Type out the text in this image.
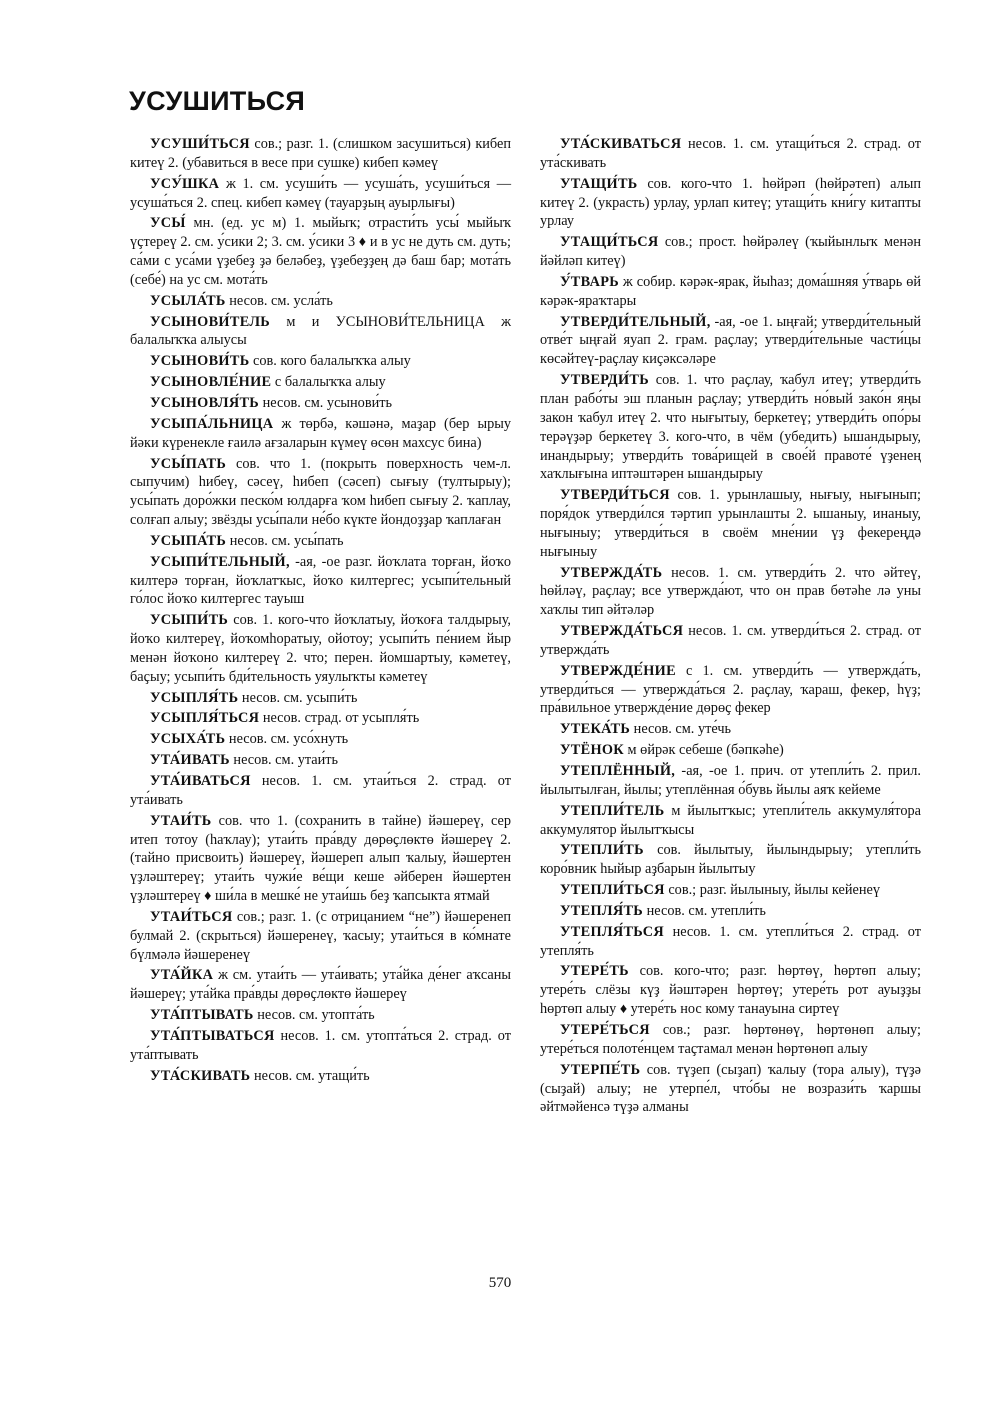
УСУШИТЬСЯ

УСУШИ́ТЬСЯ сов.; разг. 1. (слишком засушиться) кибеп китеү 2. (убавиться в весе при сушке) кибеп кәмеү

УСУ́ШКА ж 1. см. усуши́ть — усуша́ть, усуши́ться — усуша́ться 2. спец. кибеп кәмеү (тауарҙың ауырлығы)

УСЫ́ мн. (ед. ус м) 1. мыйыҡ; отрасти́ть усы́ мыйыҡ үҫтереү 2. см. у́сики 2; 3. см. у́сики 3 ♦ и в ус не дуть см. дуть; са́ми с уса́ми үҙебеҙ ҙә беләбеҙ, үҙебеҙҙең дә баш бар; мота́ть (себе́) на ус см. мота́ть

УСЫЛА́ТЬ несов. см. усла́ть

УСЫНОВИ́ТЕЛЬ м и УСЫНОВИ́ТЕЛЬНИЦА ж балалыҡҡа алыусы

УСЫНОВИ́ТЬ сов. кого балалыҡҡа алыу

УСЫНОВЛЕ́НИЕ с балалыҡҡа алыу

УСЫНОВЛЯ́ТЬ несов. см. усынови́ть

УСЫПА́ЛЬНИЦА ж төрбә, кәшәнә, маҙар (бер ырыу йәки күренекле ғаилә ағзаларын күмеү өсөн махсус бина)

УСЫ́ПАТЬ сов. что 1. (покрыть поверхность чем-л. сыпучим) һибеү, сәсеү, һибеп (сәсеп) сығыу (тултырыу); усы́пать доро́жки песко́м юлдарға ҡом һибеп сығыу 2. ҡаплау, солғап алыу; звёзды усы́пали не́бо күкте йондоҙҙар ҡаплаған

УСЫПА́ТЬ несов. см. усы́пать

УСЫПИ́ТЕЛЬНЫЙ, -ая, -ое разг. йоҡлата торған, йоҡо килтерә торған, йоҡлатҡыс, йоҡо килтергес; усыпи́тельный го́лос йоҡо килтергес тауыш

УСЫПИ́ТЬ сов. 1. кого-что йоҡлатыу, йоҡоға талдырыу, йоҡо килтереү, йоҡомһоратыу, ойотоу; усыпи́ть пе́нием йыр менән йоҡоно килтереү 2. что; перен. йомшартыу, кәметеү, баҫыу; усыпи́ть бди́тельность уяулыҡты кәметеү

УСЫПЛЯ́ТЬ несов. см. усыпи́ть

УСЫПЛЯ́ТЬСЯ несов. страд. от усыпля́ть

УСЫХА́ТЬ несов. см. усо́хнуть

УТА́ИВАТЬ несов. см. утаи́ть

УТА́ИВАТЬСЯ несов. 1. см. утаи́ться 2. страд. от ута́ивать

УТАИ́ТЬ сов. что 1. (сохранить в тайне) йәшереү, сер итеп тотоу (һаҡлау); утаи́ть пра́вду дөрөҫлөктө йәшереү 2. (тайно присвоить) йәшереү, йәшереп алып ҡалыу, йәшертен үҙләштереү; утаи́ть чужи́е ве́щи кеше әйберен йәшертен үҙләштереү ♦ ши́ла в мешке́ не утаи́шь беҙ ҡапсыкта ятмай

УТАИ́ТЬСЯ сов.; разг. 1. (с отрицанием “не”) йәшеренеп булмай 2. (скрыться) йәшеренеү, ҡасыу; утаи́ться в ко́мнате бүлмәлә йәшеренеү

УТА́ЙКА ж см. утаи́ть — ута́ивать; ута́йка де́нег аҡсаны йәшереү; ута́йка пра́вды дөрөҫлөктө йәшереү

УТА́ПТЫВАТЬ несов. см. утопта́ть

УТА́ПТЫВАТЬСЯ несов. 1. см. утопта́ться 2. страд. от ута́птывать

УТА́СКИВАТЬ несов. см. утащи́ть

УТА́СКИВАТЬСЯ несов. 1. см. утащи́ться 2. страд. от ута́скивать

УТАЩИ́ТЬ сов. кого-что 1. һөйрәп (һөйрәтеп) алып китеү 2. (украсть) урлау, урлап китеү; утащи́ть кни́гу китапты урлау

УТАЩИ́ТЬСЯ сов.; прост. һөйрәлеү (ҡыйынлыҡ менән йәйләп китеү)

У́ТВАРЬ ж собир. кәрәк-ярак, йыһаз; дома́шняя у́тварь өй кәрәк-яраҡтары

УТВЕРДИ́ТЕЛЬНЫЙ, -ая, -ое 1. ыңғай; утверди́тельный отве́т ыңғай яуап 2. грам. раҫлау; утверди́тельные части́цы көсәйтеү-раҫлау киҫәксәләре

УТВЕРДИ́ТЬ сов. 1. что раҫлау, ҡабул итеү; утверди́ть план рабо́ты эш планын раҫлау; утверди́ть но́вый зако́н яңы закон ҡабул итеү 2. что нығытыу, беркетеү; утверди́ть опо́ры терәүҙәр беркетеү 3. кого-что, в чём (убедить) ышандырыу, инандырыу; утверди́ть това́рищей в свое́й правоте́ үҙенең хаҡлығына иптәштәрен ышандырыу

УТВЕРДИ́ТЬСЯ сов. 1. урынлашыу, нығыу, нығынып; поря́док утверди́лся тәртип урынлашты 2. ышаныу, инаныу, нығыныу; утверди́ться в своём мне́нии үҙ фекереңдә нығыныу

УТВЕРЖДА́ТЬ несов. 1. см. утверди́ть 2. что әйтеү, һөйләү, раҫлау; все утвержда́ют, что он прав бөтәһе лә уны хаҡлы тип әйтәләр

УТВЕРЖДА́ТЬСЯ несов. 1. см. утверди́ться 2. страд. от утвержда́ть

УТВЕРЖДЕ́НИЕ с 1. см. утверди́ть — утвержда́ть, утверди́ться — утвержда́ться 2. раҫлау, ҡараш, фекер, һүҙ; пра́вильное утвержде́ние дөрөҫ фекер

УТЕКА́ТЬ несов. см. уте́чь

УТЁНОК м өйрәк себеше (бәпкәһе)

УТЕПЛЁННЫЙ, -ая, -ое 1. прич. от утепли́ть 2. прил. йылытылған, йылы; утеплённая о́бувь йылы аяҡ кейеме

УТЕПЛИ́ТЕЛЬ м йылытҡыс; утепли́тель аккумуля́тора аккумулятор йылытҡысы

УТЕПЛИ́ТЬ сов. йылытыу, йылындырыу; утепли́ть коро́вник һыйыр аҙбарын йылытыу

УТЕПЛИ́ТЬСЯ сов.; разг. йылыныу, йылы кейенеү

УТЕПЛЯ́ТЬ несов. см. утепли́ть

УТЕПЛЯ́ТЬСЯ несов. 1. см. утепли́ться 2. страд. от утепля́ть

УТЕРЕ́ТЬ сов. кого-что; разг. һөртөү, һөртөп алыу; утере́ть слёзы күҙ йәштәрен һөртөү; утере́ть рот ауыҙҙы һөртөп алыу ♦ утере́ть нос кому танауына сиртеү

УТЕРЕ́ТЬСЯ сов.; разг. һөртөнөү, һөртөнөп алыу; утере́ться полоте́нцем таҫтамал менән һөртөнөп алыу

УТЕРПЕ́ТЬ сов. түҙеп (сыҙап) ҡалыу (тора алыу), түҙә (сыҙай) алыу; не утерпе́л, что́бы не возрази́ть ҡаршы әйтмәйенсә түҙә алманы

570
